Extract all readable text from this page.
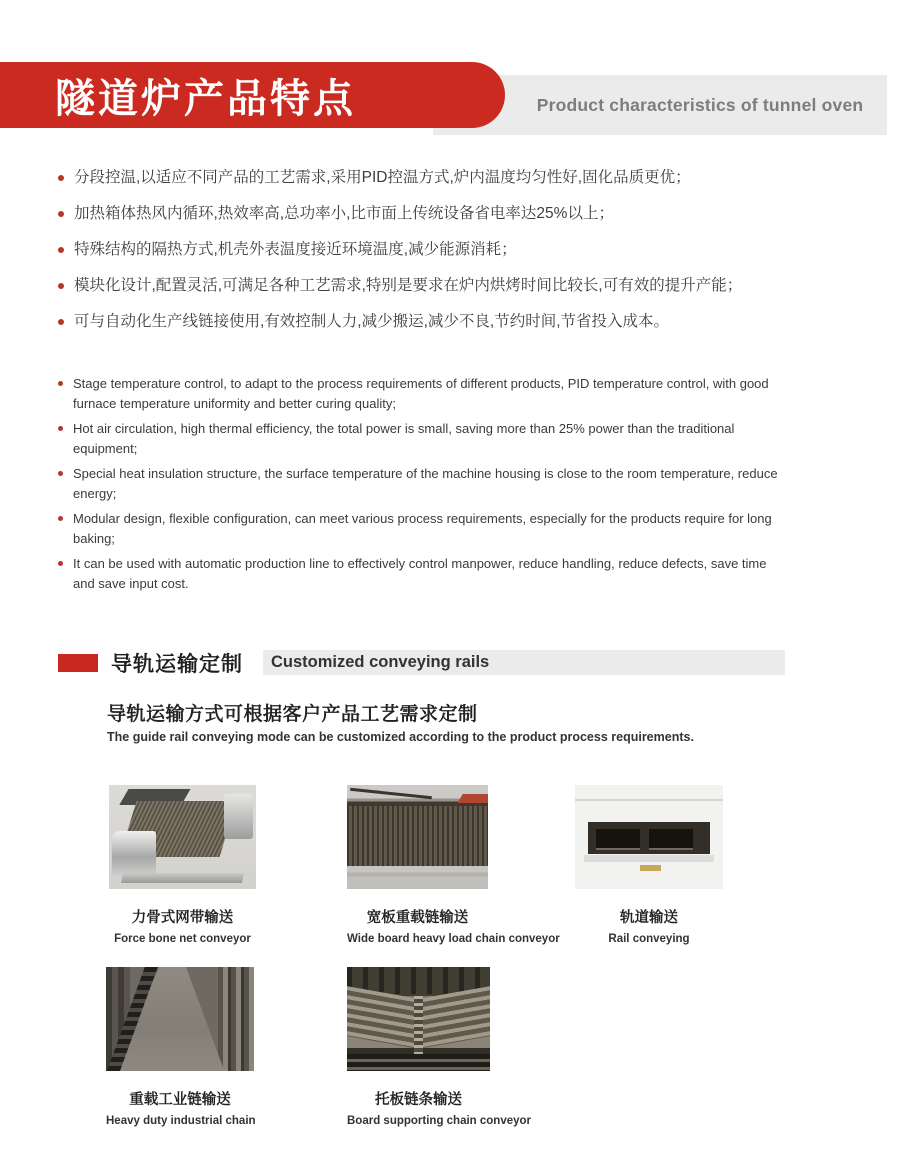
Product characteristics of tunnel oven
隧道炉产品特点
分段控温,以适应不同产品的工艺需求,采用PID控温方式,炉内温度均匀性好,固化品质更优；
加热箱体热风内循环,热效率高,总功率小,比市面上传统设备省电率达25%以上；
特殊结构的隔热方式,机壳外表温度接近环境温度,减少能源消耗；
模块化设计,配置灵活,可满足各种工艺需求,特别是要求在炉内烘烤时间比较长,可有效的提升产能；
可与自动化生产线链接使用,有效控制人力,减少搬运,减少不良,节约时间,节省投入成本。
Stage temperature control, to adapt to the process requirements of different products, PID temperature control, with good furnace temperature uniformity and better curing quality;
Hot air circulation, high thermal efficiency, the total power is small, saving more than 25% power than the traditional equipment;
Special heat insulation structure, the surface temperature of the machine housing is close to the room temperature, reduce energy;
Modular design, flexible configuration, can meet various process requirements, especially for the products require for long baking;
It can be used with automatic production line to effectively control manpower, reduce handling, reduce defects, save time and save input cost.
导轨运输定制	Customized conveying rails
导轨运输方式可根据客户产品工艺需求定制
The guide rail conveying mode can be customized according to the product process requirements.
力骨式网带输送
Force bone net conveyor
宽板重载链输送
Wide board heavy load chain conveyor
轨道输送
Rail conveying
重载工业链输送
Heavy duty industrial chain
托板链条输送
Board supporting chain conveyor
